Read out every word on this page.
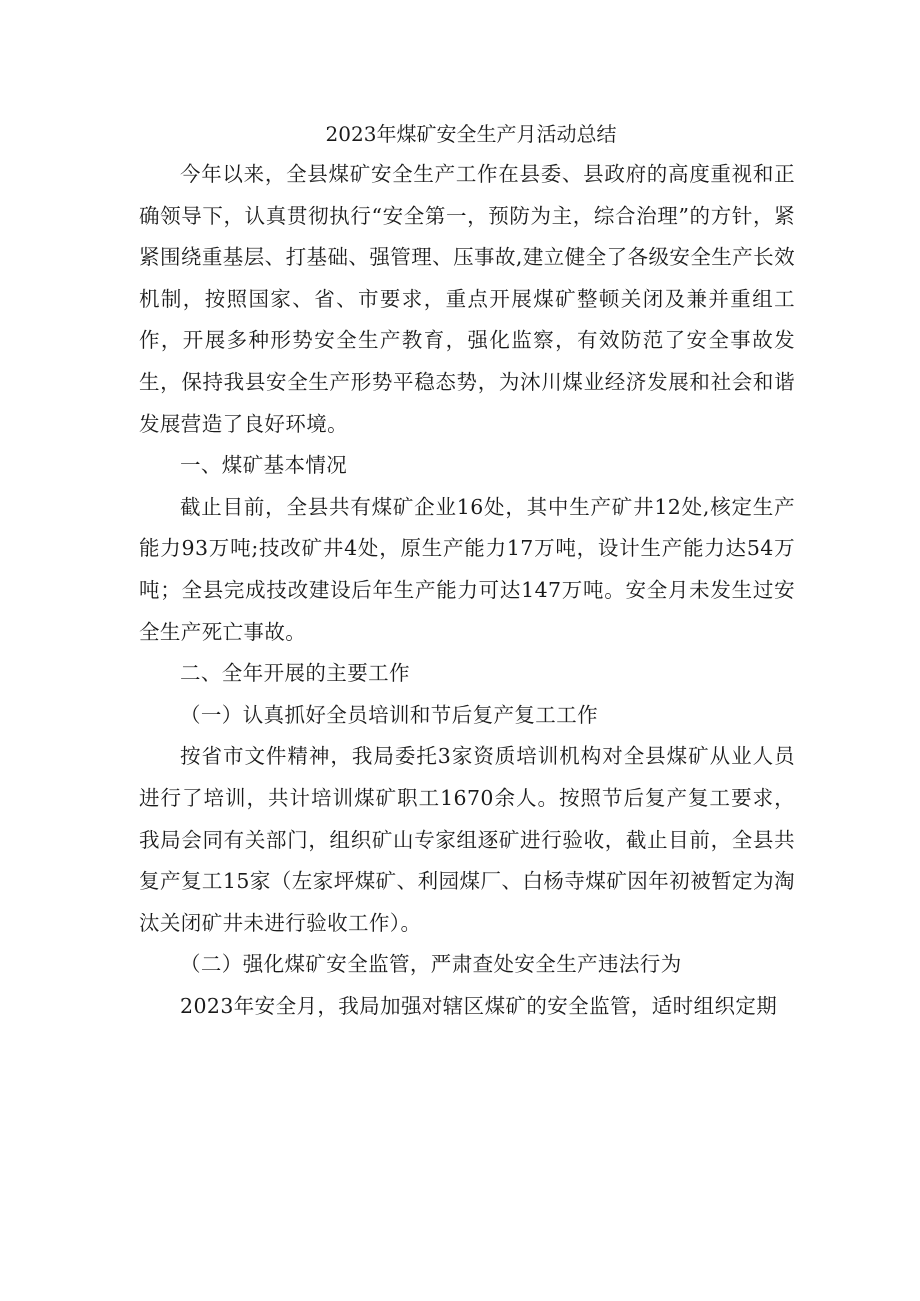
2023年煤矿安全生产月活动总结

今年以来，全县煤矿安全生产工作在县委、县政府的高度重视和正确领导下，认真贯彻执行“安全第一，预防为主，综合治理”的方针，紧紧围绕重基层、打基础、强管理、压事故,建立健全了各级安全生产长效机制，按照国家、省、市要求，重点开展煤矿整顿关闭及兼并重组工作，开展多种形势安全生产教育，强化监察，有效防范了安全事故发生，保持我县安全生产形势平稳态势，为沐川煤业经济发展和社会和谐发展营造了良好环境。

一、煤矿基本情况

截止目前，全县共有煤矿企业16处，其中生产矿井12处,核定生产能力93万吨;技改矿井4处，原生产能力17万吨，设计生产能力达54万吨；全县完成技改建设后年生产能力可达147万吨。安全月未发生过安全生产死亡事故。

二、全年开展的主要工作

（一）认真抓好全员培训和节后复产复工工作

按省市文件精神，我局委托3家资质培训机构对全县煤矿从业人员进行了培训，共计培训煤矿职工1670余人。按照节后复产复工要求，我局会同有关部门，组织矿山专家组逐矿进行验收，截止目前，全县共复产复工15家（左家坪煤矿、利园煤厂、白杨寺煤矿因年初被暂定为淘汰关闭矿井未进行验收工作）。

（二）强化煤矿安全监管，严肃查处安全生产违法行为

2023年安全月，我局加强对辖区煤矿的安全监管，适时组织定期
